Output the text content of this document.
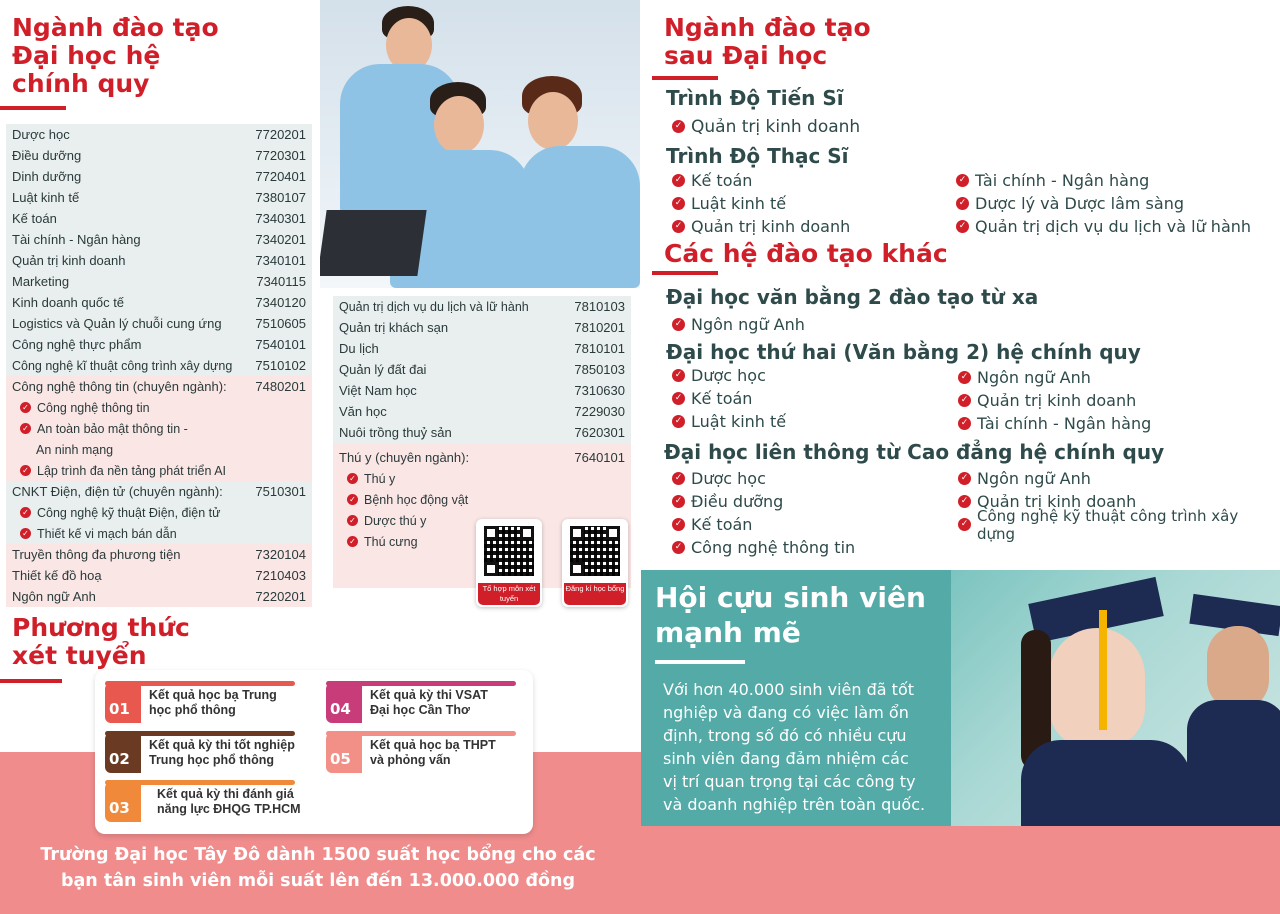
Ngành đào tạo
Đại học hệ
chính quy
Dược học	7720201
Điều dưỡng	7720301
Dinh dưỡng	7720401
Luật kinh tế	7380107
Kế toán	7340301
Tài chính - Ngân hàng	7340201
Quản trị kinh doanh	7340101
Marketing	7340115
Kinh doanh quốc tế	7340120
Logistics và Quản lý chuỗi cung ứng	7510605
Công nghệ thực phẩm	7540101
Công nghệ kĩ thuật công trình xây dựng 7510102
Công nghệ thông tin (chuyên ngành): 7480201
✓ Công nghệ thông tin
✓ An toàn bảo mật thông tin -
An ninh mạng
✓ Lập trình đa nền tảng phát triển AI
CNKT Điện, điện tử (chuyên ngành):	7510301
✓ Công nghệ kỹ thuật Điện, điện tử
✓ Thiết kế vi mạch bán dẫn
Truyền thông đa phương tiện	7320104
Thiết kế đồ hoạ	7210403
Ngôn ngữ Anh	7220201
Quản trị dịch vụ du lịch và lữ hành	7810103
Quản trị khách sạn	7810201
Du lịch	7810101
Quản lý đất đai	7850103
Việt Nam học	7310630
Văn học	7229030
Nuôi trồng thuỷ sản	7620301
Thú y (chuyên ngành):	7640101
✓ Thú y
✓ Bệnh học động vật
✓ Dược thú y
✓ Thú cưng
Tổ hợp môn xét tuyển
Đăng kí học bổng
Phương thức
xét tuyển
01
Kết quả học bạ Trung
học phổ thông
02
Kết quả kỳ thi tốt nghiệp
Trung học phổ thông
03
Kết quả kỳ thi đánh giá
năng lực ĐHQG TP.HCM
04
Kết quả kỳ thi VSAT
Đại học Cần Thơ
05
Kết quả học bạ THPT
và phỏng vấn
Trường Đại học Tây Đô dành 1500 suất học bổng cho các
bạn tân sinh viên mỗi suất lên đến 13.000.000 đồng
Ngành đào tạo
sau Đại học
Trình Độ Tiến Sĩ
✓ Quản trị kinh doanh
Trình Độ Thạc Sĩ
✓ Kế toán
✓ Luật kinh tế
✓ Quản trị kinh doanh
✓ Tài chính - Ngân hàng
✓ Dược lý và Dược lâm sàng
✓ Quản trị dịch vụ du lịch và lữ hành
Các hệ đào tạo khác
Đại học văn bằng 2 đào tạo từ xa
✓ Ngôn ngữ Anh
Đại học thứ hai (Văn bằng 2) hệ chính quy
✓ Dược học
✓ Kế toán
✓ Luật kinh tế
✓ Ngôn ngữ Anh
✓ Quản trị kinh doanh
✓ Tài chính - Ngân hàng
Đại học liên thông từ Cao đẳng hệ chính quy
✓ Dược học
✓ Điều dưỡng
✓ Kế toán
✓ Công nghệ thông tin
✓ Ngôn ngữ Anh
✓ Quản trị kinh doanh
✓ Công nghệ kỹ thuật công trình xây dựng
Hội cựu sinh viên
mạnh mẽ
Với hơn 40.000 sinh viên đã tốt
nghiệp và đang có việc làm ổn
định, trong số đó có nhiều cựu
sinh viên đang đảm nhiệm các
vị trí quan trọng tại các công ty
và doanh nghiệp trên toàn quốc.
